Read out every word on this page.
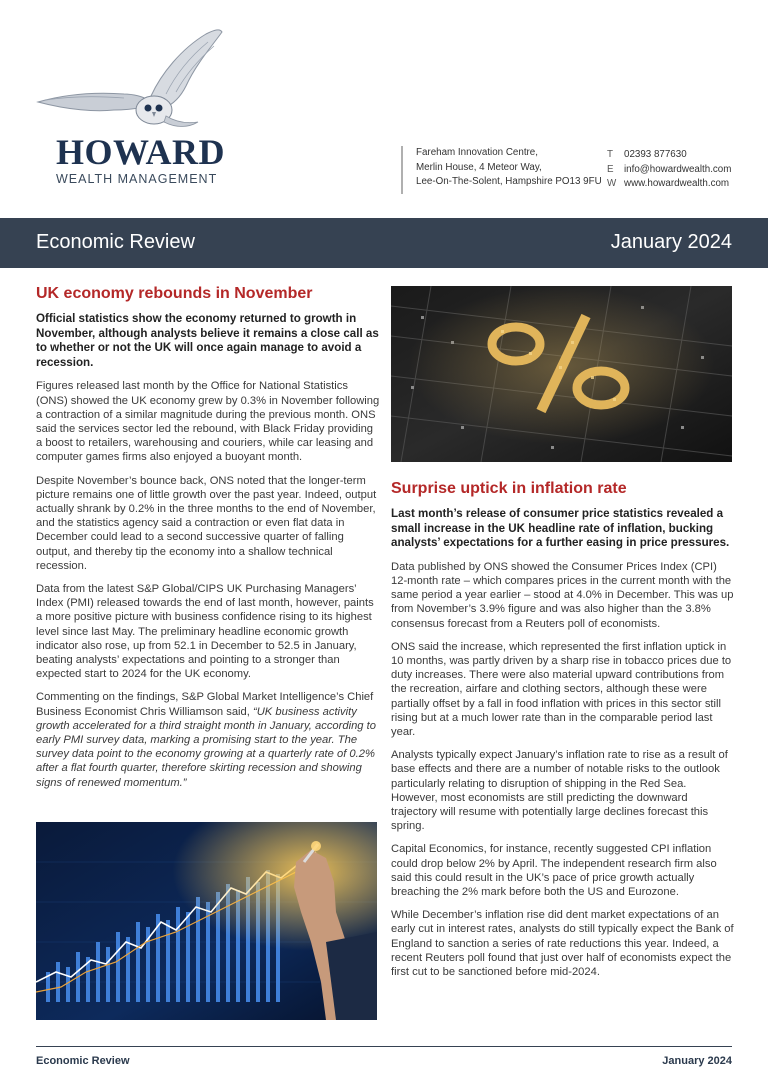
HOWARD
WEALTH MANAGEMENT
Fareham Innovation Centre,
Merlin House, 4 Meteor Way,
Lee-On-The-Solent, Hampshire PO13 9FU
T	02393 877630
E	info@howardwealth.com
W www.howardwealth.com
Economic Review	January 2024
UK economy rebounds in November

Official statistics show the economy returned to growth in November, although analysts believe it remains a close call as to whether or not the UK will once again manage to avoid a recession.

Figures released last month by the Office for National Statistics (ONS) showed the UK economy grew by 0.3% in November following a contraction of a similar magnitude during the previous month. ONS said the services sector led the rebound, with Black Friday providing a boost to retailers, warehousing and couriers, while car leasing and computer games firms also enjoyed a buoyant month.

Despite November’s bounce back, ONS noted that the longer-term picture remains one of little growth over the past year. Indeed, output actually shrank by 0.2% in the three months to the end of November, and the statistics agency said a contraction or even flat data in December could lead to a second successive quarter of falling output, and thereby tip the economy into a shallow technical recession.

Data from the latest S&P Global/CIPS UK Purchasing Managers’ Index (PMI) released towards the end of last month, however, paints a more positive picture with business confidence rising to its highest level since last May. The preliminary headline economic growth indicator also rose, up from 52.1 in December to 52.5 in January, beating analysts’ expectations and pointing to a stronger than expected start to 2024 for the UK economy.

Commenting on the findings, S&P Global Market Intelligence’s Chief Business Economist Chris Williamson said, “UK business activity growth accelerated for a third straight month in January, according to early PMI survey data, marking a promising start to the year. The survey data point to the economy growing at a quarterly rate of 0.2% after a flat fourth quarter, therefore skirting recession and showing signs of renewed momentum.”

Surprise uptick in inflation rate

Last month’s release of consumer price statistics revealed a small increase in the UK headline rate of inflation, bucking analysts’ expectations for a further easing in price pressures.

Data published by ONS showed the Consumer Prices Index (CPI) 12-month rate – which compares prices in the current month with the same period a year earlier – stood at 4.0% in December. This was up from November’s 3.9% figure and was also higher than the 3.8% consensus forecast from a Reuters poll of economists.

ONS said the increase, which represented the first inflation uptick in 10 months, was partly driven by a sharp rise in tobacco prices due to duty increases. There were also material upward contributions from the recreation, airfare and clothing sectors, although these were partially offset by a fall in food inflation with prices in this sector still rising but at a much lower rate than in the comparable period last year.

Analysts typically expect January’s inflation rate to rise as a result of base effects and there are a number of notable risks to the outlook particularly relating to disruption of shipping in the Red Sea. However, most economists are still predicting the downward trajectory will resume with potentially large declines forecast this spring.

Capital Economics, for instance, recently suggested CPI inflation could drop below 2% by April. The independent research firm also said this could result in the UK’s pace of price growth actually breaching the 2% mark before both the US and Eurozone.

While December’s inflation rise did dent market expectations of an early cut in interest rates, analysts do still typically expect the Bank of England to sanction a series of rate reductions this year. Indeed, a recent Reuters poll found that just over half of economists expect the first cut to be sanctioned before mid-2024.

Economic Review	January 2024
